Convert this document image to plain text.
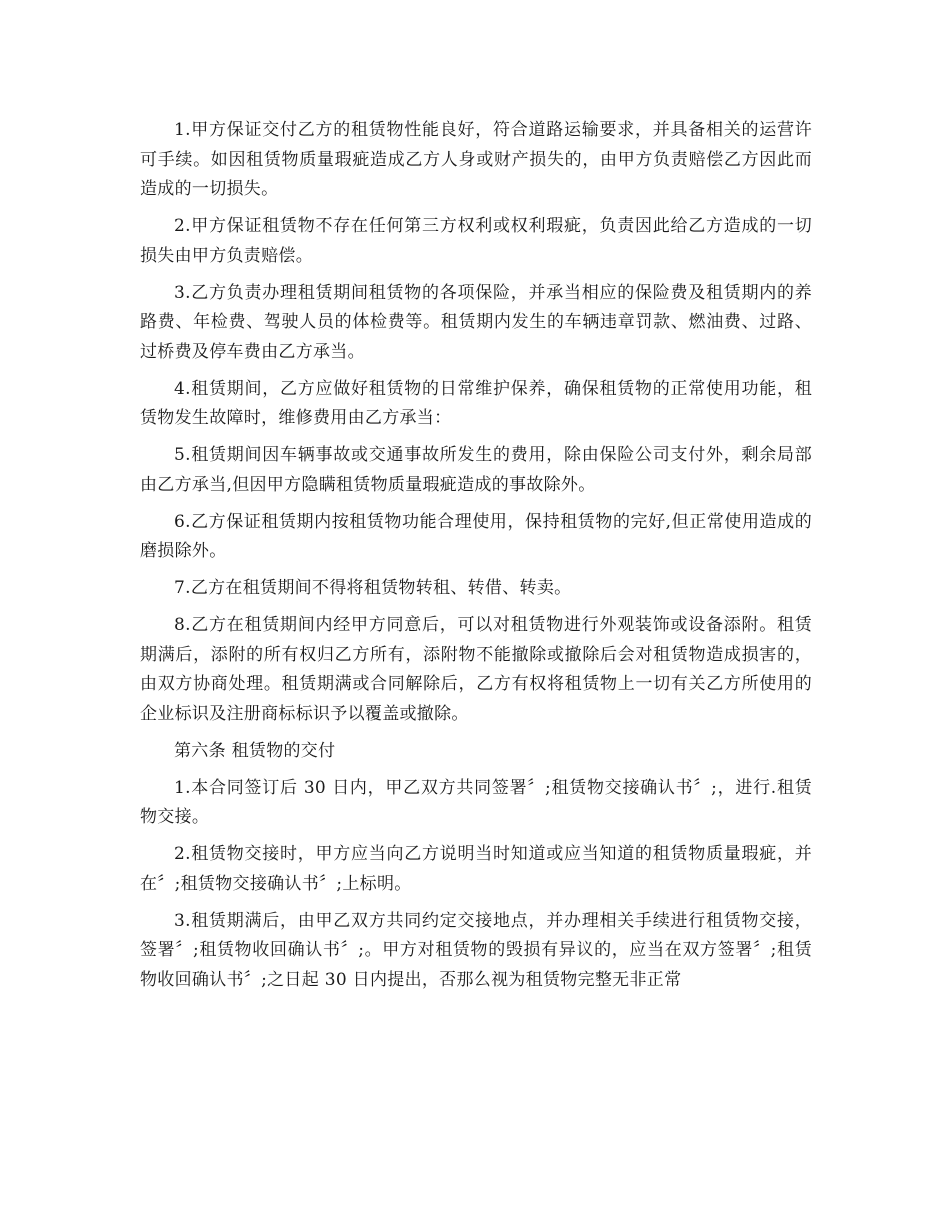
1.甲方保证交付乙方的租赁物性能良好，符合道路运输要求，并具备相关的运营许可手续。如因租赁物质量瑕疵造成乙方人身或财产损失的，由甲方负责赔偿乙方因此而造成的一切损失。

2.甲方保证租赁物不存在任何第三方权利或权利瑕疵，负责因此给乙方造成的一切损失由甲方负责赔偿。

3.乙方负责办理租赁期间租赁物的各项保险，并承当相应的保险费及租赁期内的养路费、年检费、驾驶人员的体检费等。租赁期内发生的车辆违章罚款、燃油费、过路、过桥费及停车费由乙方承当。

4.租赁期间，乙方应做好租赁物的日常维护保养，确保租赁物的正常使用功能，租赁物发生故障时，维修费用由乙方承当：

5.租赁期间因车辆事故或交通事故所发生的费用，除由保险公司支付外，剩余局部由乙方承当,但因甲方隐瞒租赁物质量瑕疵造成的事故除外。

6.乙方保证租赁期内按租赁物功能合理使用，保持租赁物的完好,但正常使用造成的磨损除外。

7.乙方在租赁期间不得将租赁物转租、转借、转卖。

8.乙方在租赁期间内经甲方同意后，可以对租赁物进行外观装饰或设备添附。租赁期满后，添附的所有权归乙方所有，添附物不能撤除或撤除后会对租赁物造成损害的，由双方协商处理。租赁期满或合同解除后，乙方有权将租赁物上一切有关乙方所使用的企业标识及注册商标标识予以覆盖或撤除。

第六条 租赁物的交付

1.本合同签订后 30 日内，甲乙双方共同签署〞;租赁物交接确认书〞;，进行.租赁物交接。

2.租赁物交接时，甲方应当向乙方说明当时知道或应当知道的租赁物质量瑕疵，并在〞;租赁物交接确认书〞;上标明。

3.租赁期满后，由甲乙双方共同约定交接地点，并办理相关手续进行租赁物交接，签署〞;租赁物收回确认书〞;。甲方对租赁物的毁损有异议的，应当在双方签署〞;租赁物收回确认书〞;之日起 30 日内提出，否那么视为租赁物完整无非正常
